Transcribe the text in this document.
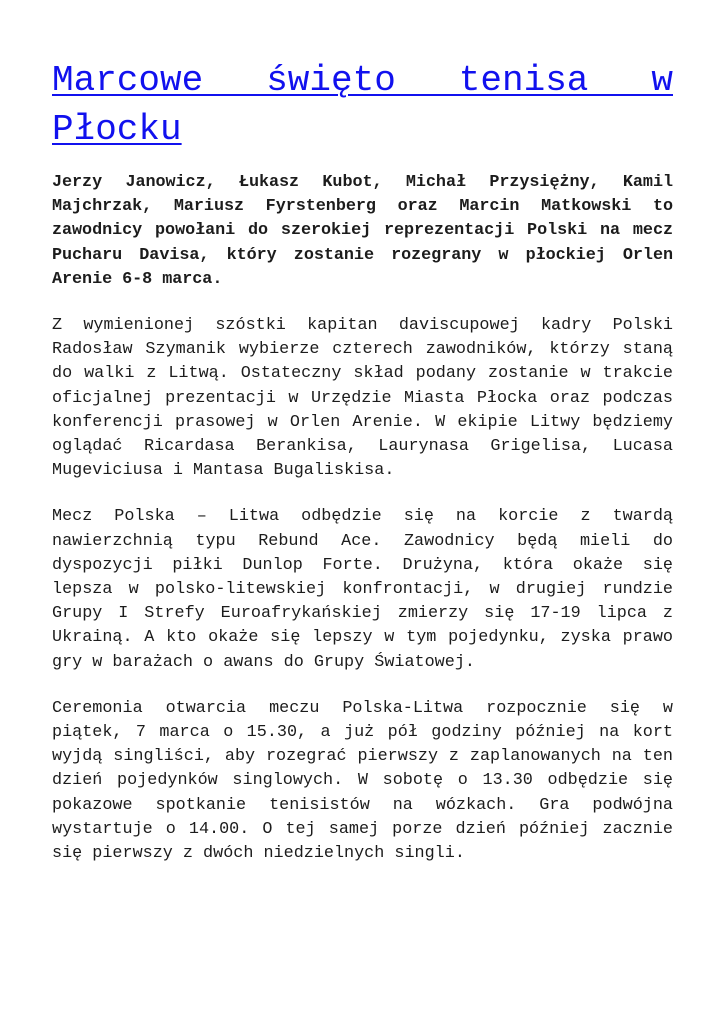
Marcowe święto tenisa w Płocku

Jerzy Janowicz, Łukasz Kubot, Michał Przysiężny, Kamil Majchrzak, Mariusz Fyrstenberg oraz Marcin Matkowski to zawodnicy powołani do szerokiej reprezentacji Polski na mecz Pucharu Davisa, który zostanie rozegrany w płockiej Orlen Arenie 6-8 marca.

Z wymienionej szóstki kapitan daviscupowej kadry Polski Radosław Szymanik wybierze czterech zawodników, którzy staną do walki z Litwą. Ostateczny skład podany zostanie w trakcie oficjalnej prezentacji w Urzędzie Miasta Płocka oraz podczas konferencji prasowej w Orlen Arenie. W ekipie Litwy będziemy oglądać Ricardasa Berankisa, Laurynasa Grigelisa, Lucasa Mugeviciusa i Mantasa Bugaliskisa.

Mecz Polska – Litwa odbędzie się na korcie z twardą nawierzchnią typu Rebund Ace. Zawodnicy będą mieli do dyspozycji piłki Dunlop Forte. Drużyna, która okaże się lepsza w polsko-litewskiej konfrontacji, w drugiej rundzie Grupy I Strefy Euroafrykańskiej zmierzy się 17-19 lipca z Ukrainą. A kto okaże się lepszy w tym pojedynku, zyska prawo gry w barażach o awans do Grupy Światowej.

Ceremonia otwarcia meczu Polska-Litwa rozpocznie się w piątek, 7 marca o 15.30, a już pół godziny później na kort wyjdą singliści, aby rozegrać pierwszy z zaplanowanych na ten dzień pojedynków singlowych. W sobotę o 13.30 odbędzie się pokazowe spotkanie tenisistów na wózkach. Gra podwójna wystartuje o 14.00. O tej samej porze dzień później zacznie się pierwszy z dwóch niedzielnych singli.
